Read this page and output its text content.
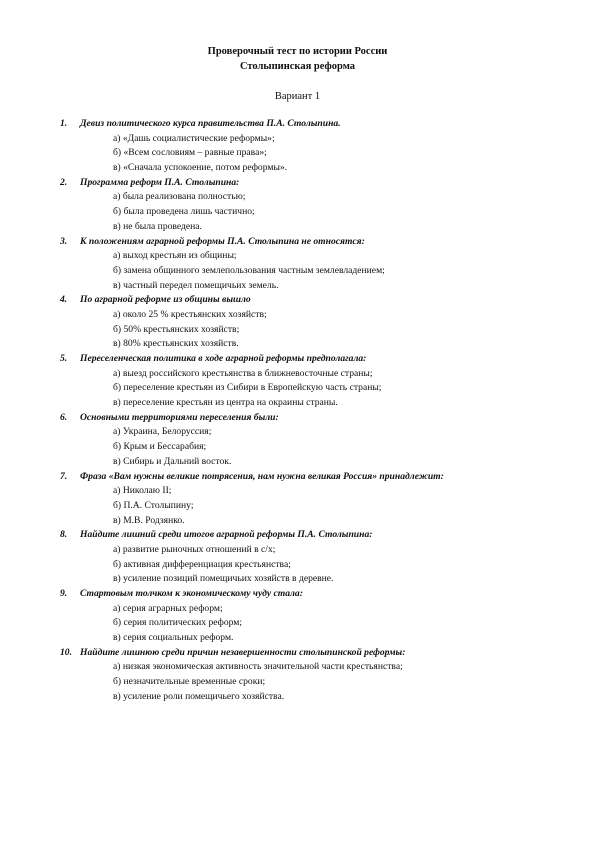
Проверочный тест по истории России
Столыпинская реформа
Вариант 1
1.	Девиз политического курса правительства П.А. Столыпина.
а) «Дашь социалистические реформы»;
б) «Всем сословиям – равные права»;
в) «Сначала успокоение, потом реформы».
2.	Программа реформ П.А. Столыпина:
а) была реализована полностью;
б) была проведена лишь частично;
в) не была проведена.
3.	К положениям аграрной реформы П.А. Столыпина не относятся:
а) выход крестьян из общины;
б) замена общинного землепользования частным землевладением;
в) частный передел помещичьих земель.
4.	По аграрной реформе из общины вышло
а) около 25 % крестьянских хозяйств;
б) 50% крестьянских хозяйств;
в) 80% крестьянских хозяйств.
5.	Переселенческая политика в ходе аграрной реформы предполагала:
а) выезд российского крестьянства в ближневосточные страны;
б) переселение крестьян из Сибири в Европейскую часть страны;
в) переселение крестьян из центра на окраины страны.
6.	Основными территориями переселения были:
а) Украина, Белоруссия;
б) Крым и Бессарабия;
в) Сибирь и Дальний восток.
7.	Фраза «Вам нужны великие потрясения, нам нужна великая Россия» принадлежит:
а) Николаю II;
б) П.А. Столыпину;
в) М.В. Родзянко.
8.	Найдите лишний среди итогов аграрной реформы П.А. Столыпина:
а) развитие рыночных отношений в с/х;
б) активная дифференциация крестьянства;
в) усиление позиций помещичьих хозяйств в деревне.
9.	Стартовым толчком к экономическому чуду стала:
а) серия аграрных реформ;
б) серия политических реформ;
в) серия социальных реформ.
10. Найдите лишнюю среди причин незавершенности столыпинской реформы:
а) низкая экономическая активность значительной части крестьянства;
б) незначительные временные сроки;
в) усиление роли помещичьего хозяйства.
